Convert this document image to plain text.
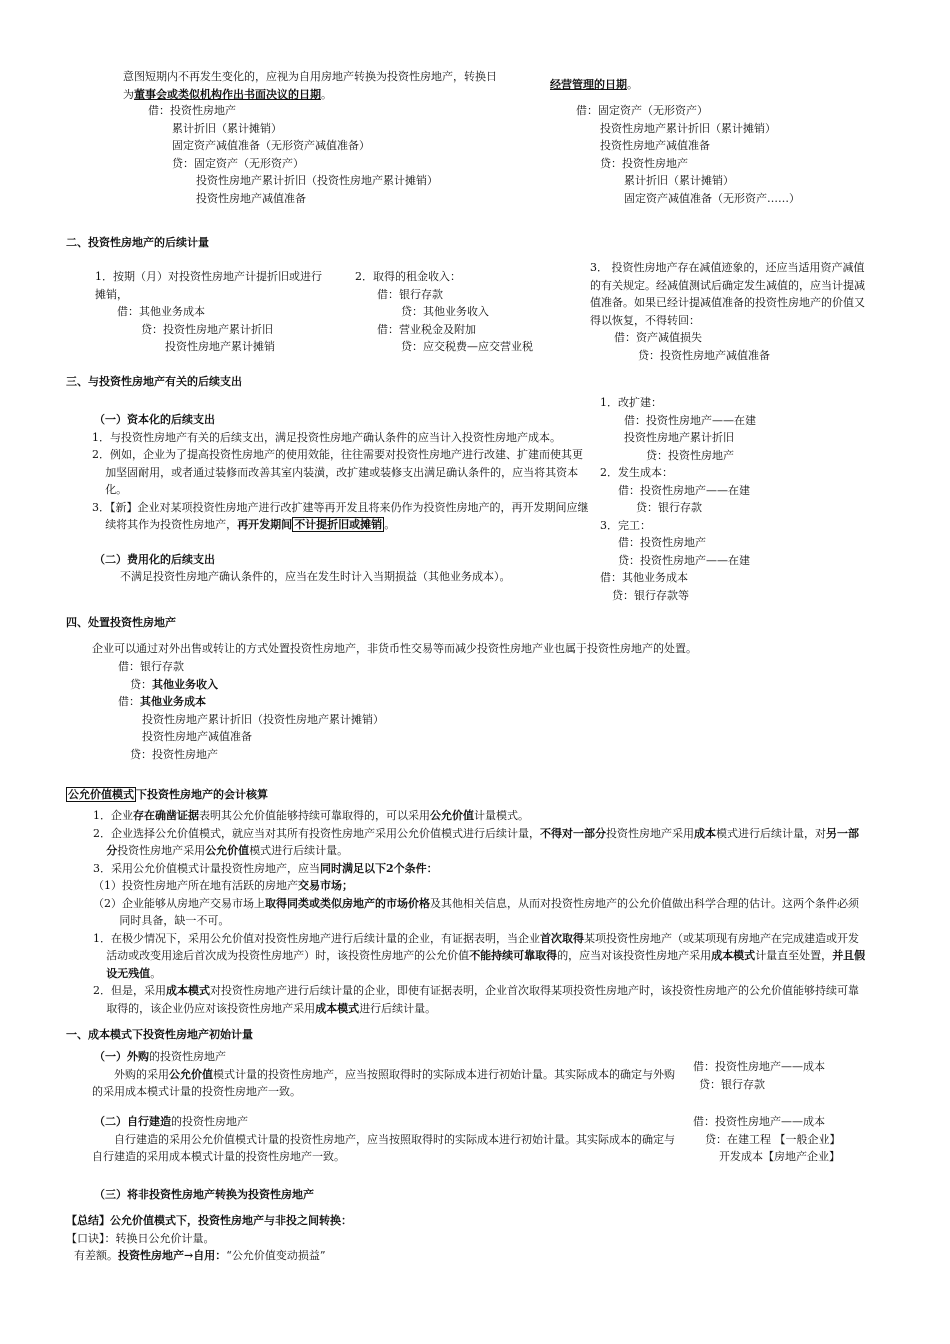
意图短期内不再发生变化的，应视为自用房地产转换为投资性房地产，转换日

为董事会或类似机构作出书面决议的日期。

经营管理的日期。

借：投资性房地产

累计折旧（累计摊销）

固定资产减值准备（无形资产减值准备）

贷：固定资产（无形资产）

投资性房地产累计折旧（投资性房地产累计摊销）

投资性房地产减值准备

借：固定资产（无形资产）

投资性房地产累计折旧（累计摊销）

投资性房地产减值准备

贷：投资性房地产

累计折旧（累计摊销）

固定资产减值准备（无形资产……）

二、投资性房地产的后续计量

1．按期（月）对投资性房地产计提折旧或进行

摊销，

借：其他业务成本

贷：投资性房地产累计折旧

投资性房地产累计摊销

2．取得的租金收入：

借：银行存款

贷：其他业务收入

借：营业税金及附加

贷：应交税费—应交营业税

3． 投资性房地产存在减值迹象的，还应当适用资产减值的有关规定。经减值测试后确定发生减值的，应当计提减值准备。如果已经计提减值准备的投资性房地产的价值又得以恢复，不得转回：

借：资产减值损失

贷：投资性房地产减值准备

三、与投资性房地产有关的后续支出

（一）资本化的后续支出

1．与投资性房地产有关的后续支出，满足投资性房地产确认条件的应当计入投资性房地产成本。

2．例如，企业为了提高投资性房地产的使用效能，往往需要对投资性房地产进行改建、扩建而使其更加坚固耐用，或者通过装修而改善其室内装潢，改扩建或装修支出满足确认条件的，应当将其资本化。

3．【新】企业对某项投资性房地产进行改扩建等再开发且将来仍作为投资性房地产的，再开发期间应继续将其作为投资性房地产，再开发期间 不计提折旧或摊销 。

（二）费用化的后续支出

不满足投资性房地产确认条件的，应当在发生时计入当期损益（其他业务成本）。

1．改扩建：

借：投资性房地产——在建

投资性房地产累计折旧

贷：投资性房地产

2．发生成本：

借：投资性房地产——在建

贷：银行存款

3．完工：

借：投资性房地产

贷：投资性房地产——在建

借：其他业务成本

贷：银行存款等

四、处置投资性房地产
企业可以通过对外出售或转让的方式处置投资性房地产，非货币性交易等而减少投资性房地产业也属于投资性房地产的处置。

借：银行存款

贷：其他业务收入

借：其他业务成本

投资性房地产累计折旧（投资性房地产累计摊销）

投资性房地产减值准备

贷：投资性房地产

公允价值模式 下投资性房地产的会计核算

1．企业存在确凿证据表明其公允价值能够持续可靠取得的，可以采用公允价值计量模式。

2．企业选择公允价值模式，就应当对其所有投资性房地产采用公允价值模式进行后续计量，不得对一部分投资性房地产采用成本模式进行后续计量，对另一部分投资性房地产采用公允价值模式进行后续计量。

3．采用公允价值模式计量投资性房地产，应当同时满足以下2个条件：

（1）投资性房地产所在地有活跃的房地产交易市场；

（2）企业能够从房地产交易市场上取得同类或类似房地产的市场价格及其他相关信息，从而对投资性房地产的公允价值做出科学合理的估计。这两个条件必须同时具备，缺一不可。

1．在极少情况下，采用公允价值对投资性房地产进行后续计量的企业，有证据表明，当企业首次取得某项投资性房地产（或某项现有房地产在完成建造或开发活动或改变用途后首次成为投资性房地产）时，该投资性房地产的公允价值不能持续可靠取得的，应当对该投资性房地产采用成本模式计量直至处置，并且假设无残值。

2．但是，采用成本模式对投资性房地产进行后续计量的企业，即使有证据表明，企业首次取得某项投资性房地产时，该投资性房地产的公允价值能够持续可靠取得的，该企业仍应对该投资性房地产采用成本模式进行后续计量。

一、成本模式下投资性房地产初始计量

（一）外购的投资性房地产

外购的采用公允价值模式计量的投资性房地产，应当按照取得时的实际成本进行初始计量。其实际成本的确定与外购的采用成本模式计量的投资性房地产一致。

借：投资性房地产——成本

贷：银行存款

（二）自行建造的投资性房地产

自行建造的采用公允价值模式计量的投资性房地产，应当按照取得时的实际成本进行初始计量。其实际成本的确定与自行建造的采用成本模式计量的投资性房地产一致。

借：投资性房地产——成本

贷：在建工程 【一般企业】

开发成本【房地产企业】

（三）将非投资性房地产转换为投资性房地产

【总结】公允价值模式下，投资性房地产与非投之间转换：

【口诀】：转换日公允价计量。

有差额。投资性房地产→自用：“公允价值变动损益”
